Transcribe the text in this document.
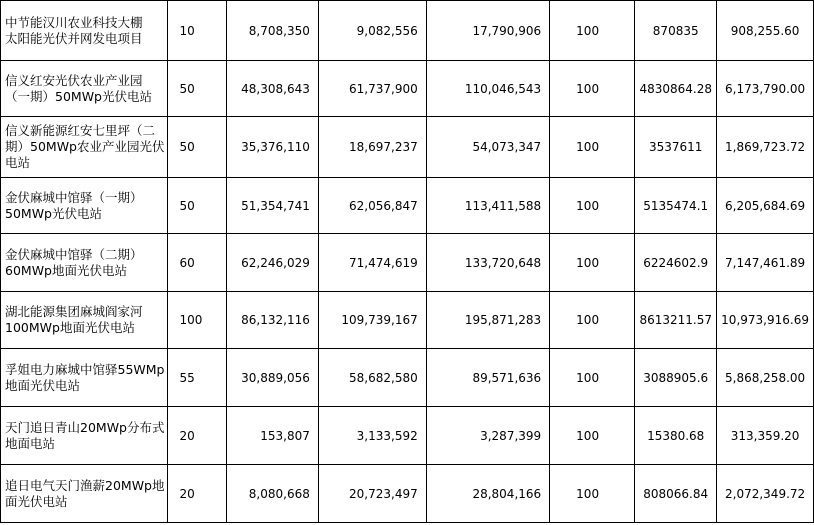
中节能汉川农业科技大棚
太阳能光伏并网发电项目	10	8,708,350	9,082,556	17,790,906	100	870835	908,255.60

信义红安光伏农业产业园
（一期）50MWp光伏电站	50	48,308,643	61,737,900	110,046,543	100	4830864.28	6,173,790.00

信义新能源红安七里坪（二
期）50MWp农业产业园光伏
电站	50	35,376,110	18,697,237	54,073,347	100	3537611	1,869,723.72

金伏麻城中馆驿（一期）
50MWp光伏电站	50	51,354,741	62,056,847	113,411,588	100	5135474.1	6,205,684.69

金伏麻城中馆驿（二期）
60MWp地面光伏电站	60	62,246,029	71,474,619	133,720,648	100	6224602.9	7,147,461.89

湖北能源集团麻城阎家河
100MWp地面光伏电站	100	86,132,116	109,739,167	195,871,283	100	8613211.57	10,973,916.69

孚姐电力麻城中馆驿55WMp
地面光伏电站	55	30,889,056	58,682,580	89,571,636	100	3088905.6	5,868,258.00

天门追日青山20MWp分布式
地面电站	20	153,807	3,133,592	3,287,399	100	15380.68	313,359.20

追日电气天门渔薪20MWp地
面光伏电站	20	8,080,668	20,723,497	28,804,166	100	808066.84	2,072,349.72
